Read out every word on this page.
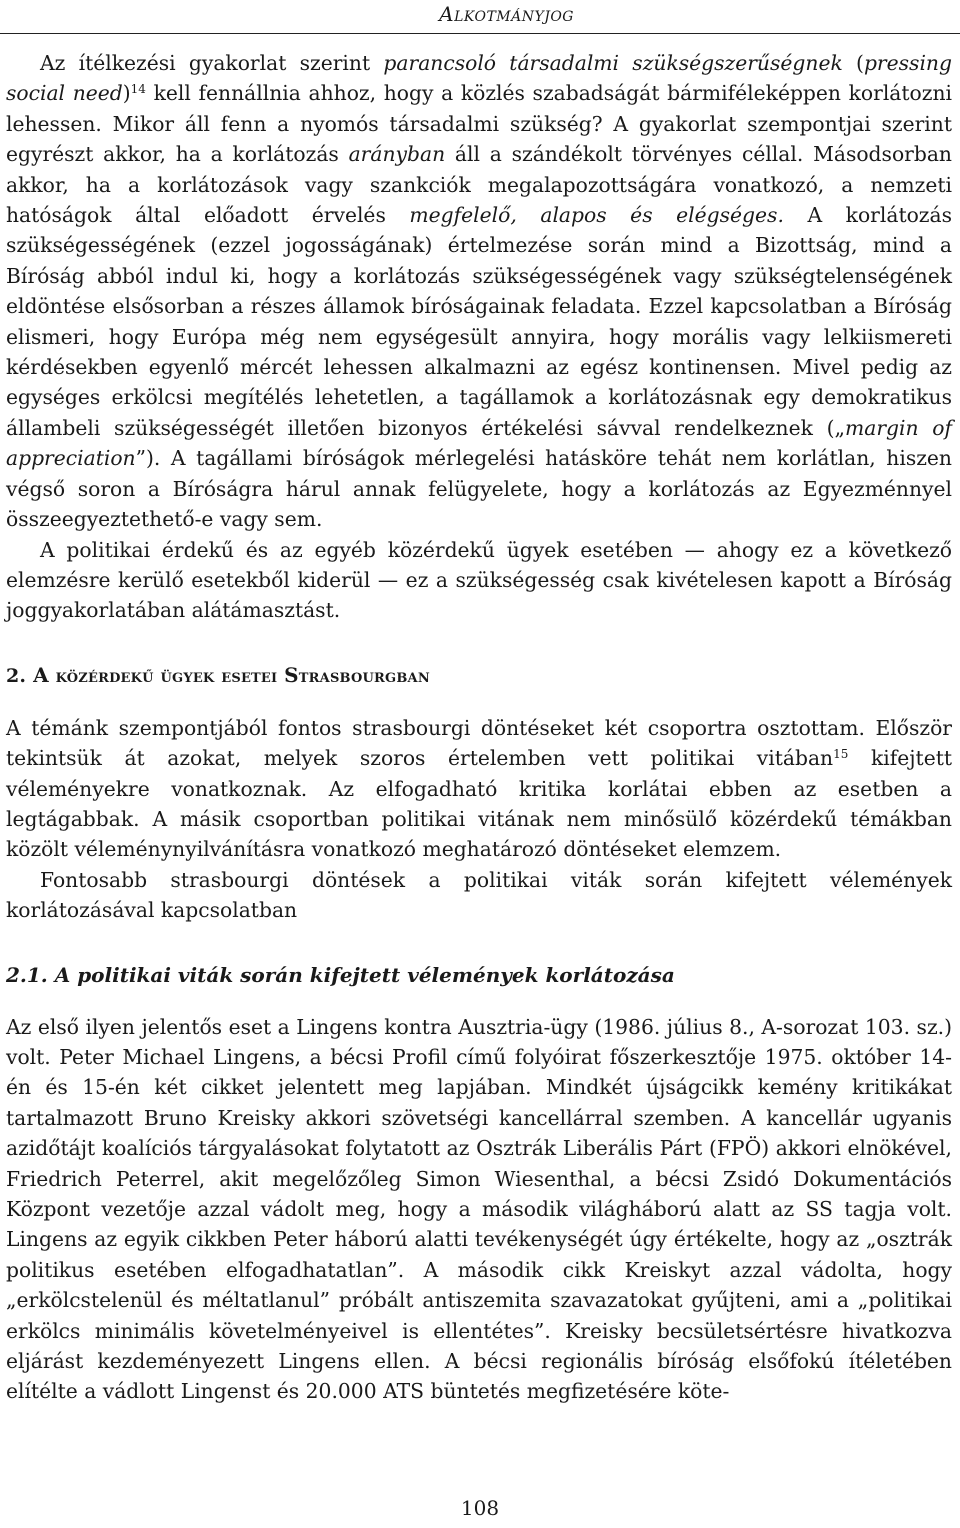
Alkotmányjog

Az ítélkezési gyakorlat szerint parancsoló társadalmi szükségszerűségnek (pressing social need)$^{14}$ kell fennállnia ahhoz, hogy a közlés szabadságát bármiféleképpen korlátozni lehessen. Mikor áll fenn a nyomós társadalmi szükség? A gyakorlat szempontjai szerint egyrészt akkor, ha a korlátozás arányban áll a szándékolt törvényes céllal. Másodsorban akkor, ha a korlátozások vagy szankciók megalapozottságára vonatkozó, a nemzeti hatóságok által előadott érvelés megfelelő, alapos és elégséges. A korlátozás szükségességének (ezzel jogosságának) értelmezése során mind a Bizottság, mind a Bíróság abból indul ki, hogy a korlátozás szükségességének vagy szükségtelenségének eldöntése elsősorban a részes államok bíróságainak feladata. Ezzel kapcsolatban a Bíróság elismeri, hogy Európa még nem egységesült annyira, hogy morális vagy lelkiismereti kérdésekben egyenlő mércét lehessen alkalmazni az egész kontinensen. Mivel pedig az egységes erkölcsi megítélés lehetetlen, a tagállamok a korlátozásnak egy demokratikus állambeli szükségességét illetően bizonyos értékelési sávval rendelkeznek („margin of appreciation”). A tagállami bíróságok mérlegelési hatásköre tehát nem korlátlan, hiszen végső soron a Bíróságra hárul annak felügyelete, hogy a korlátozás az Egyezménnyel összeegyeztethető-e vagy sem.

A politikai érdekű és az egyéb közérdekű ügyek esetében — ahogy ez a következő elemzésre kerülő esetekből kiderül — ez a szükségesség csak kivételesen kapott a Bíróság joggyakorlatában alátámasztást.

2. A közérdekű ügyek esetei Strasbourgban

A témánk szempontjából fontos strasbourgi döntéseket két csoportra osztottam. Először tekintsük át azokat, melyek szoros értelemben vett politikai vitában$^{15}$ kifejtett véleményekre vonatkoznak. Az elfogadható kritika korlátai ebben az esetben a legtágabbak. A másik csoportban politikai vitának nem minősülő közérdekű témákban közölt véleménynyilvánításra vonatkozó meghatározó döntéseket elemzem.

Fontosabb strasbourgi döntések a politikai viták során kifejtett vélemények korlátozásával kapcsolatban

2.1. A politikai viták során kifejtett vélemények korlátozása

Az első ilyen jelentős eset a Lingens kontra Ausztria-ügy (1986. július 8., A-sorozat 103. sz.) volt. Peter Michael Lingens, a bécsi Profil című folyóirat főszerkesztője 1975. október 14-én és 15-én két cikket jelentett meg lapjában. Mindkét újságcikk kemény kritikákat tartalmazott Bruno Kreisky akkori szövetségi kancellárral szemben. A kancellár ugyanis azidőtájt koalíciós tárgyalásokat folytatott az Osztrák Liberális Párt (FPÖ) akkori elnökével, Friedrich Peterrel, akit megelőzőleg Simon Wiesenthal, a bécsi Zsidó Dokumentációs Központ vezetője azzal vádolt meg, hogy a második világháború alatt az SS tagja volt. Lingens az egyik cikkben Peter háború alatti tevékenységét úgy értékelte, hogy az „osztrák politikus esetében elfogadhatatlan”. A második cikk Kreiskyt azzal vádolta, hogy „erkölcstelenül és méltatlanul” próbált antiszemita szavazatokat gyűjteni, ami a „politikai erkölcs minimális követelményeivel is ellentétes”. Kreisky becsületsértésre hivatkozva eljárást kezdeményezett Lingens ellen. A bécsi regionális bíróság elsőfokú ítéletében elítélte a vádlott Lingenst és 20.000 ATS büntetés megfizetésére köte-

108
